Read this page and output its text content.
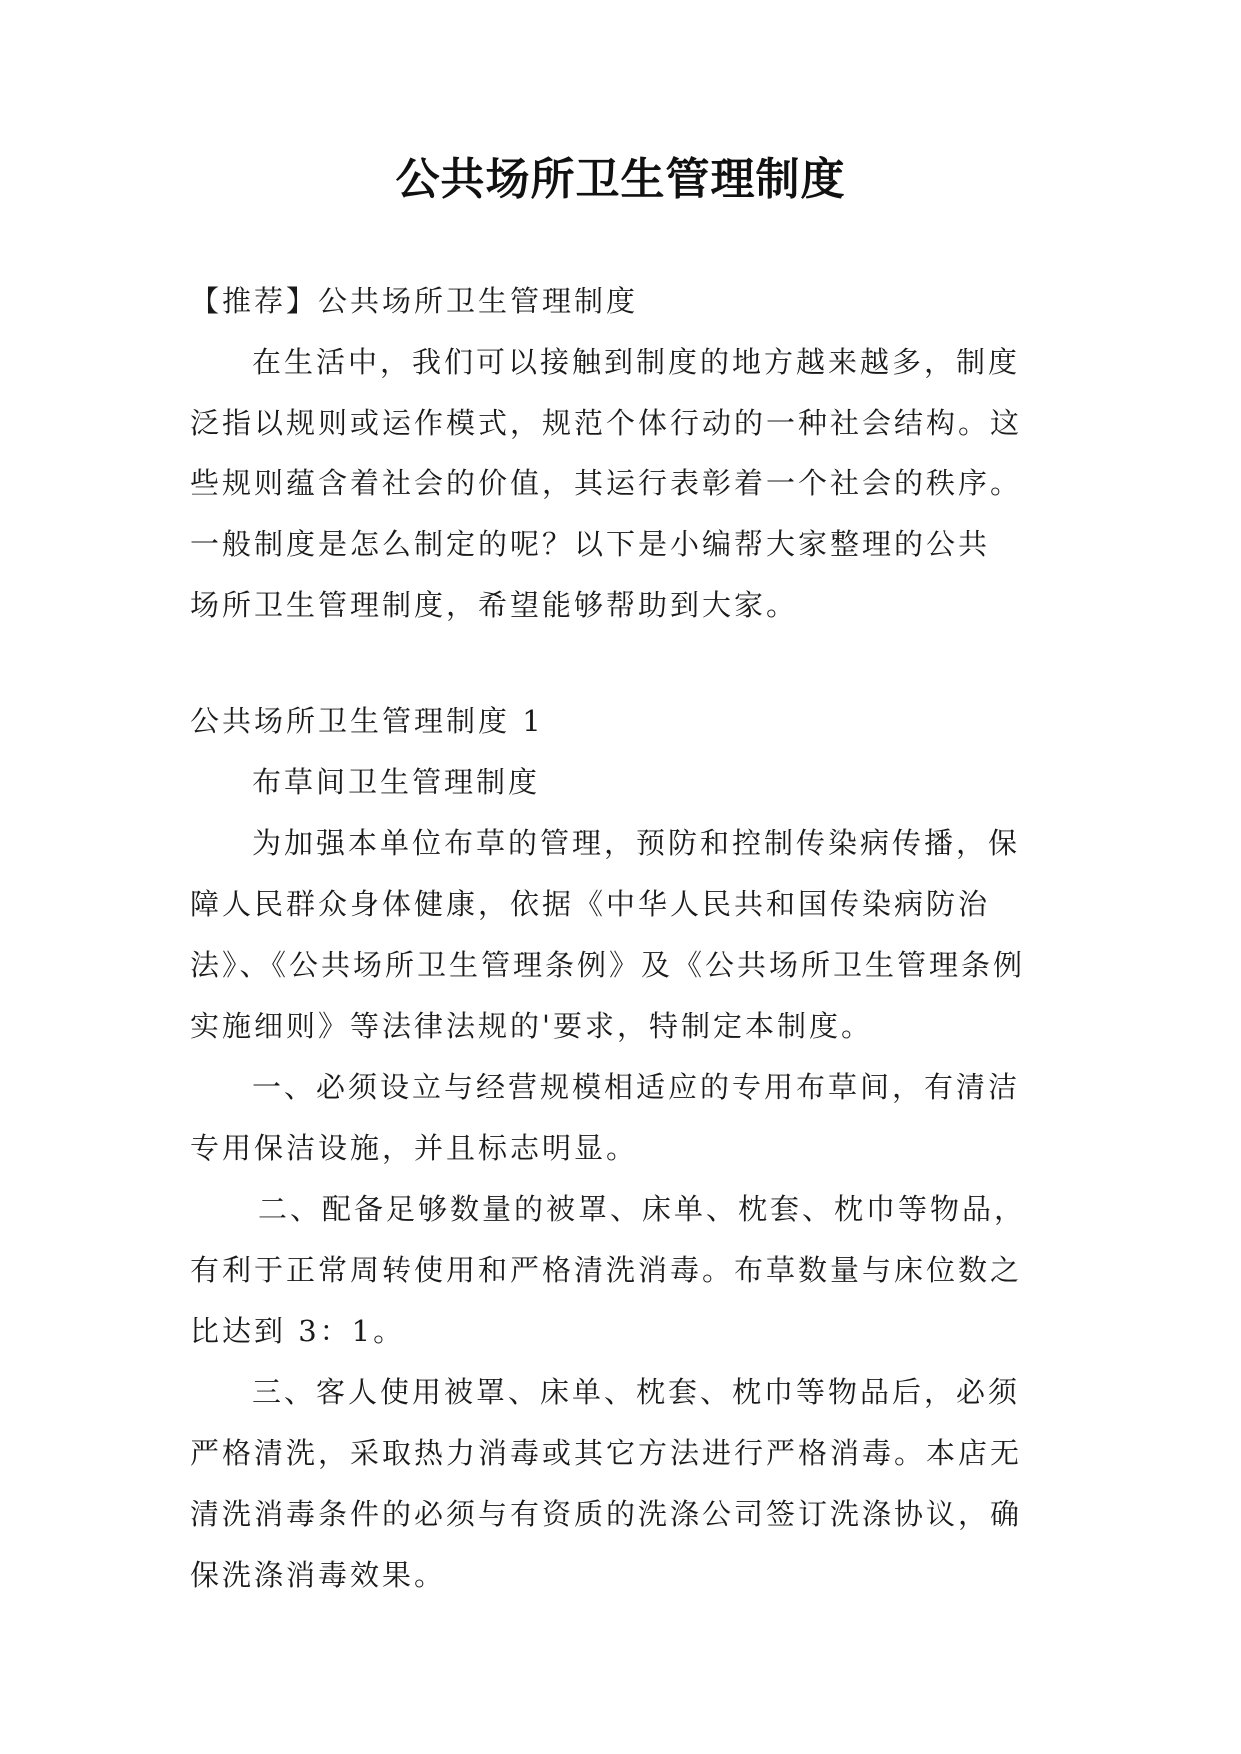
公共场所卫生管理制度
【推荐】公共场所卫生管理制度
在生活中，我们可以接触到制度的地方越来越多，制度
泛指以规则或运作模式，规范个体行动的一种社会结构。这
些规则蕴含着社会的价值，其运行表彰着一个社会的秩序。
一般制度是怎么制定的呢？以下是小编帮大家整理的公共
场所卫生管理制度，希望能够帮助到大家。
公共场所卫生管理制度 1
布草间卫生管理制度
为加强本单位布草的管理，预防和控制传染病传播，保
障人民群众身体健康，依据《中华人民共和国传染病防治
法》、《公共场所卫生管理条例》及《公共场所卫生管理条例
实施细则》等法律法规的'要求，特制定本制度。
一、必须设立与经营规模相适应的专用布草间，有清洁
专用保洁设施，并且标志明显。
二、配备足够数量的被罩、床单、枕套、枕巾等物品，
有利于正常周转使用和严格清洗消毒。布草数量与床位数之
比达到 3：1。
三、客人使用被罩、床单、枕套、枕巾等物品后，必须
严格清洗，采取热力消毒或其它方法进行严格消毒。本店无
清洗消毒条件的必须与有资质的洗涤公司签订洗涤协议，确
保洗涤消毒效果。
